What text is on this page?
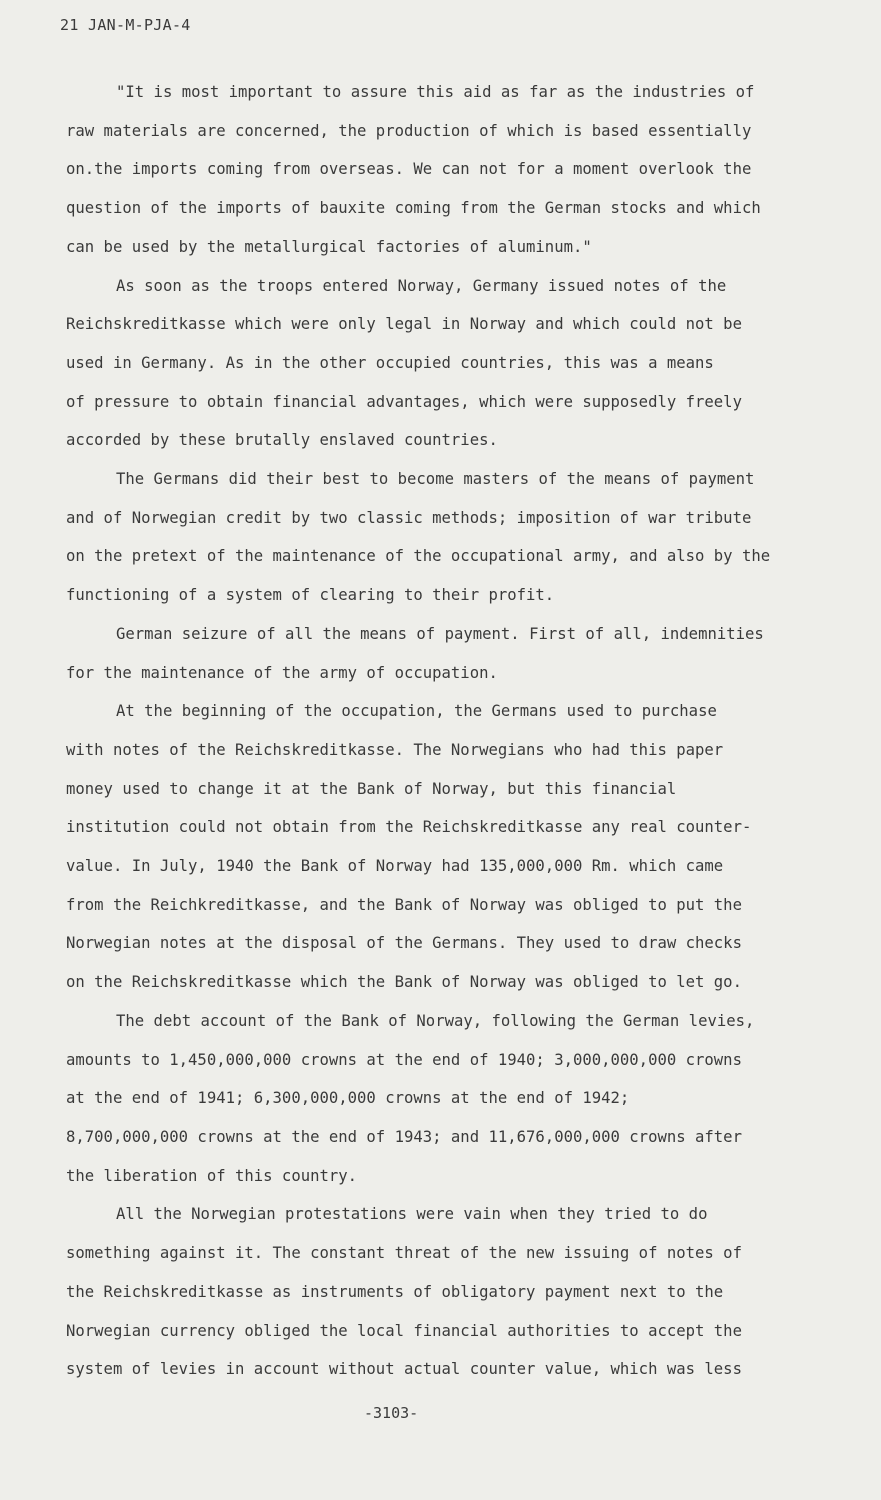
21 JAN-M-PJA-4
"It is most important to assure this aid as far as the industries of
raw materials are concerned, the production of which is based essentially
on.the imports coming from overseas. We can not for a moment overlook the
question of the imports of bauxite coming from the German stocks and which
can be used by the metallurgical factories of aluminum."
As soon as the troops entered Norway, Germany issued notes of the
Reichskreditkasse which were only legal in Norway and which could not be
used in Germany. As in the other occupied countries, this was a means
of pressure to obtain financial advantages, which were supposedly freely
accorded by these brutally enslaved countries.
The Germans did their best to become masters of the means of payment
and of Norwegian credit by two classic methods; imposition of war tribute
on the pretext of the maintenance of the occupational army, and also by the
functioning of a system of clearing to their profit.
German seizure of all the means of payment. First of all, indemnities
for the maintenance of the army of occupation.
At the beginning of the occupation, the Germans used to purchase
with notes of the Reichskreditkasse. The Norwegians who had this paper
money used to change it at the Bank of Norway, but this financial
institution could not obtain from the Reichskreditkasse any real counter-
value. In July, 1940 the Bank of Norway had 135,000,000 Rm. which came
from the Reichkreditkasse, and the Bank of Norway was obliged to put the
Norwegian notes at the disposal of the Germans. They used to draw checks
on the Reichskreditkasse which the Bank of Norway was obliged to let go.
The debt account of the Bank of Norway, following the German levies,
amounts to 1,450,000,000 crowns at the end of 1940; 3,000,000,000 crowns
at the end of 1941; 6,300,000,000 crowns at the end of 1942;
8,700,000,000 crowns at the end of 1943; and 11,676,000,000 crowns after
the liberation of this country.
All the Norwegian protestations were vain when they tried to do
something against it. The constant threat of the new issuing of notes of
the Reichskreditkasse as instruments of obligatory payment next to the
Norwegian currency obliged the local financial authorities to accept the
system of levies in account without actual counter value, which was less
-3103-
